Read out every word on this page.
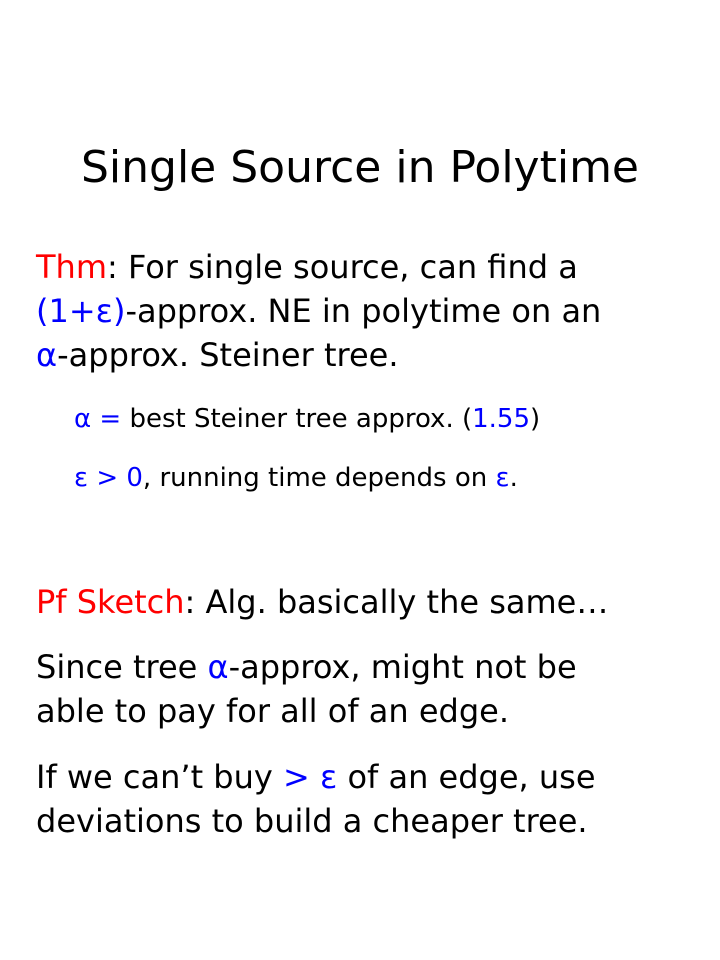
Single Source in Polytime
Thm: For single source, can find a
(1+ε)-approx. NE in polytime on an
α-approx. Steiner tree.
α = best Steiner tree approx. (1.55)
ε > 0, running time depends on ε.
Pf Sketch: Alg. basically the same…
Since tree α-approx, might not be
able to pay for all of an edge.
If we can’t buy > ε of an edge, use
deviations to build a cheaper tree.
